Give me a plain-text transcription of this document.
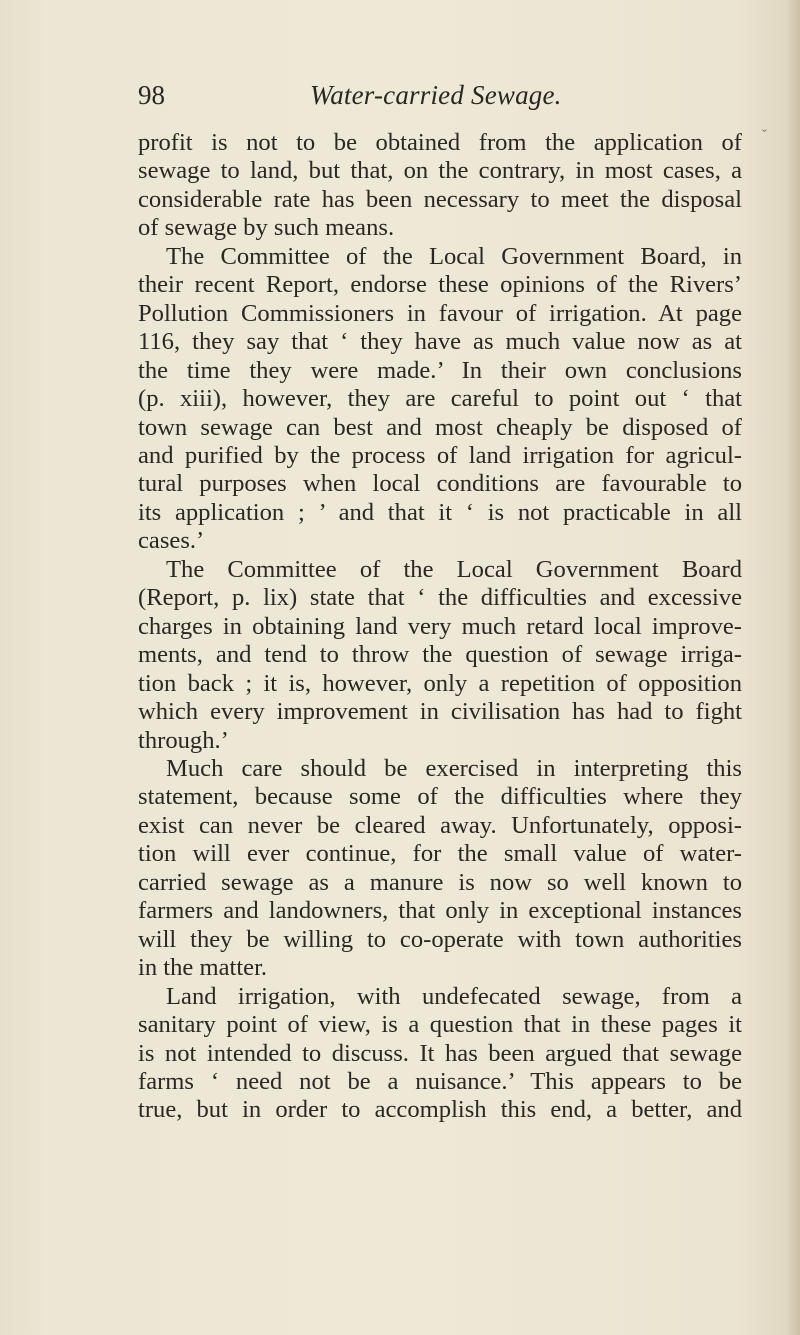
98	Water-carried Sewage.
ˇ
profit is not to be obtained from the application of
sewage to land, but that, on the contrary, in most cases, a
considerable rate has been necessary to meet the disposal
of sewage by such means.
The Committee of the Local Government Board, in
their recent Report, endorse these opinions of the Rivers’
Pollution Commissioners in favour of irrigation. At page
116, they say that ‘ they have as much value now as at
the time they were made.’ In their own conclusions
(p. xiii), however, they are careful to point out ‘ that
town sewage can best and most cheaply be disposed of
and purified by the process of land irrigation for agricul-
tural purposes when local conditions are favourable to
its application ; ’ and that it ‘ is not practicable in all
cases.’
The Committee of the Local Government Board
(Report, p. lix) state that ‘ the difficulties and excessive
charges in obtaining land very much retard local improve-
ments, and tend to throw the question of sewage irriga-
tion back ; it is, however, only a repetition of opposition
which every improvement in civilisation has had to fight
through.’
Much care should be exercised in interpreting this
statement, because some of the difficulties where they
exist can never be cleared away. Unfortunately, opposi-
tion will ever continue, for the small value of water-
carried sewage as a manure is now so well known to
farmers and landowners, that only in exceptional instances
will they be willing to co-operate with town authorities
in the matter.
Land irrigation, with undefecated sewage, from a
sanitary point of view, is a question that in these pages it
is not intended to discuss. It has been argued that sewage
farms ‘ need not be a nuisance.’ This appears to be
true, but in order to accomplish this end, a better, and
